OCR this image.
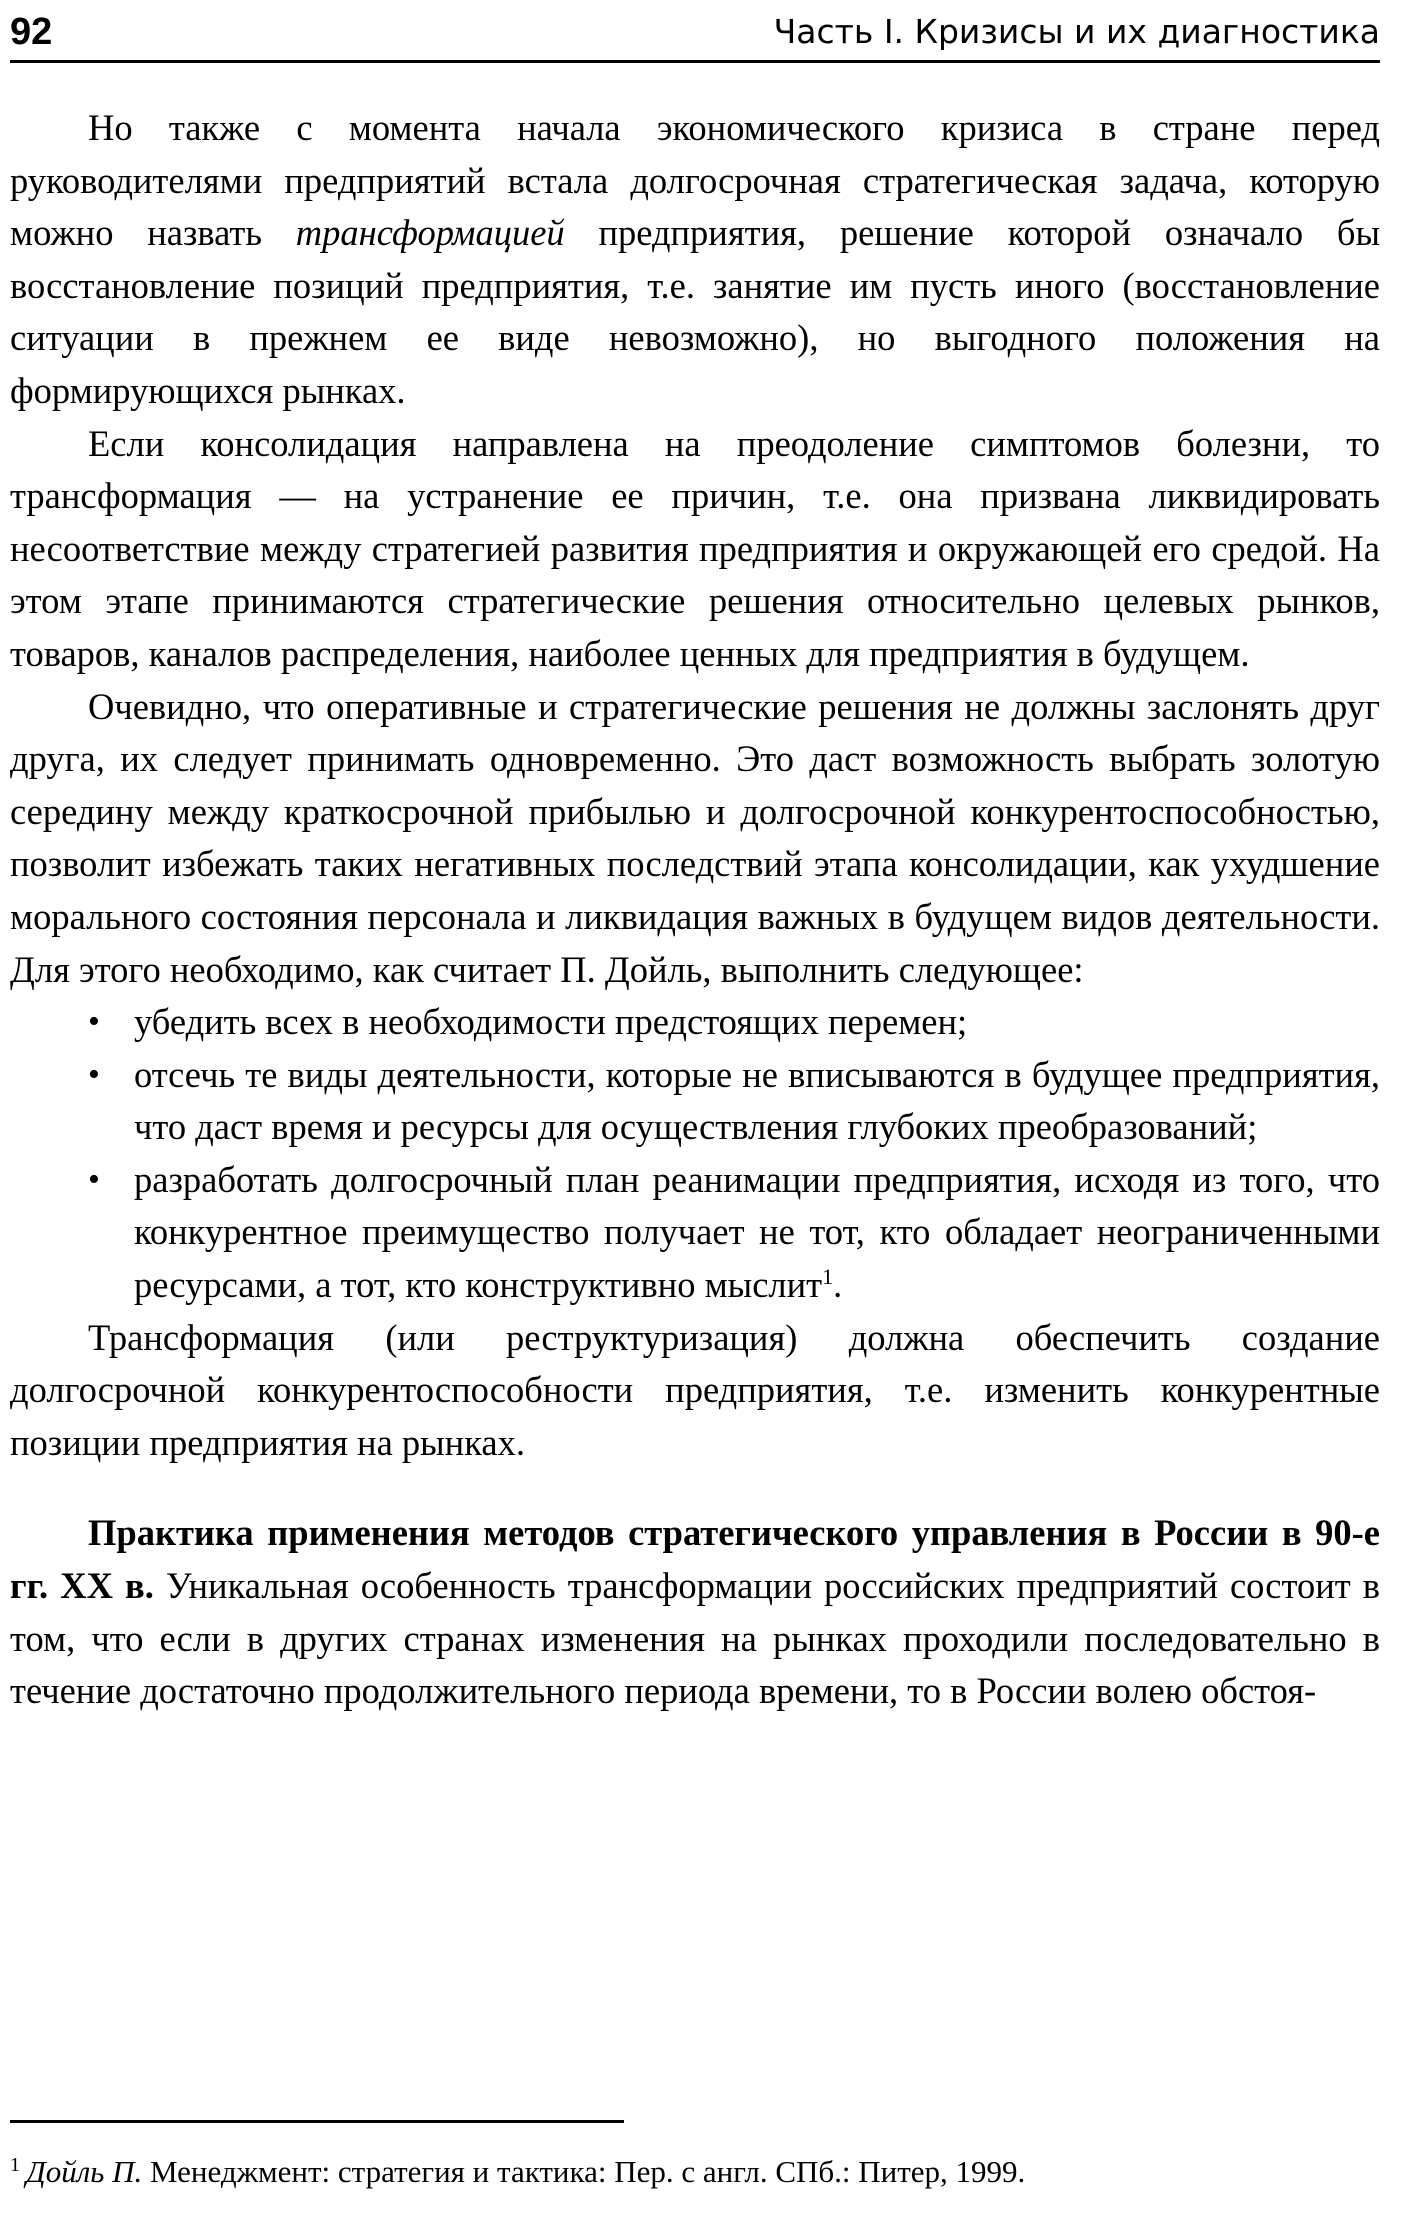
92	Часть I. Кризисы и их диагностика

Но также с момента начала экономического кризиса в стране перед руководителями предприятий встала долгосрочная стратегическая задача, которую можно назвать трансформацией предприятия, решение которой означало бы восстановление позиций предприятия, т.е. занятие им пусть иного (восстановление ситуации в прежнем ее виде невозможно), но выгодного положения на формирующихся рынках.

Если консолидация направлена на преодоление симптомов болезни, то трансформация — на устранение ее причин, т.е. она призвана ликвидировать несоответствие между стратегией развития предприятия и окружающей его средой. На этом этапе принимаются стратегические решения относительно целевых рынков, товаров, каналов распределения, наиболее ценных для предприятия в будущем.

Очевидно, что оперативные и стратегические решения не должны заслонять друг друга, их следует принимать одновременно. Это даст возможность выбрать золотую середину между краткосрочной прибылью и долгосрочной конкурентоспособностью, позволит избежать таких негативных последствий этапа консолидации, как ухудшение морального состояния персонала и ликвидация важных в будущем видов деятельности. Для этого необходимо, как считает П. Дойль, выполнить следующее:

• убедить всех в необходимости предстоящих перемен;
• отсечь те виды деятельности, которые не вписываются в будущее предприятия, что даст время и ресурсы для осуществления глубоких преобразований;
• разработать долгосрочный план реанимации предприятия, исходя из того, что конкурентное преимущество получает не тот, кто обладает неограниченными ресурсами, а тот, кто конструктивно мыслит$^1$.

Трансформация (или реструктуризация) должна обеспечить создание долгосрочной конкурентоспособности предприятия, т.е. изменить конкурентные позиции предприятия на рынках.

Практика применения методов стратегического управления в России в 90-е гг. XX в. Уникальная особенность трансформации российских предприятий состоит в том, что если в других странах изменения на рынках проходили последовательно в течение достаточно продолжительного периода времени, то в России волею обстоя-

$^1$ Дойль П. Менеджмент: стратегия и тактика: Пер. с англ. СПб.: Питер, 1999.
